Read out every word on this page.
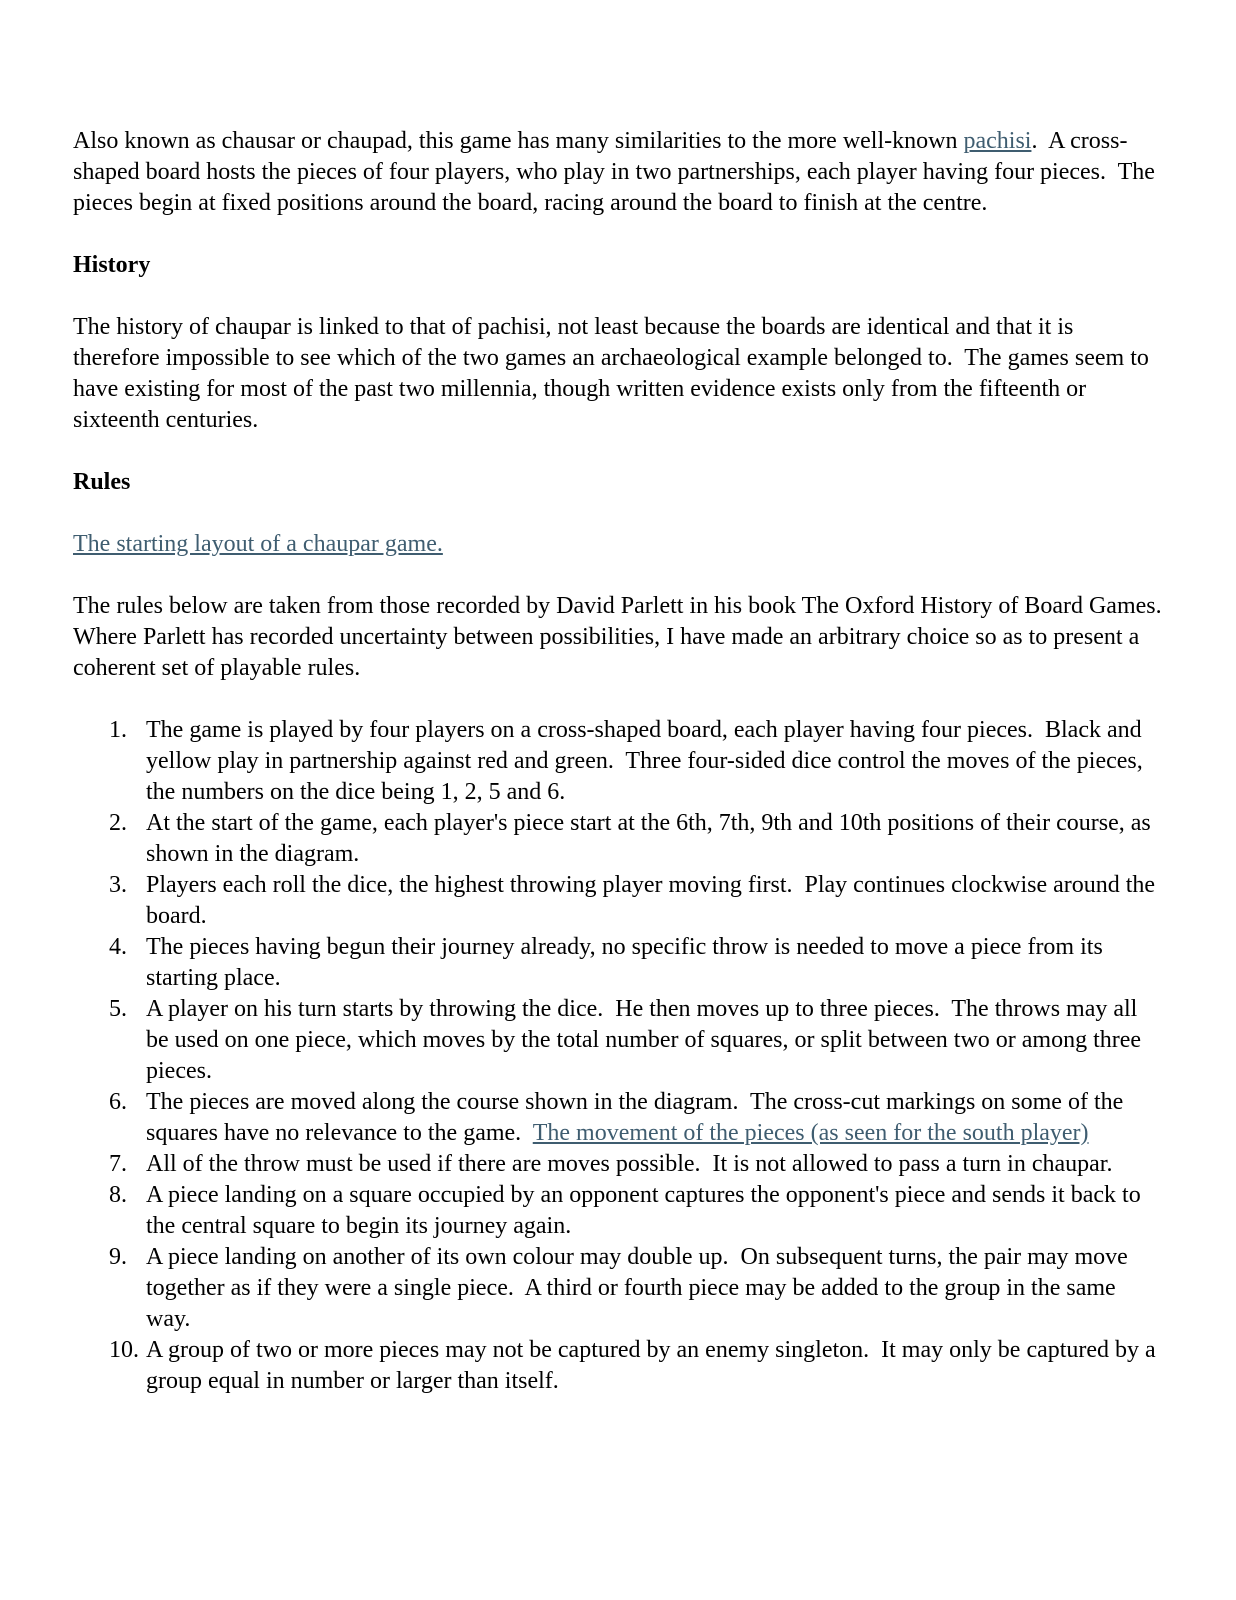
Also known as chausar or chaupad, this game has many similarities to the more well-known pachisi.  A cross-shaped board hosts the pieces of four players, who play in two partnerships, each player having four pieces.  The pieces begin at fixed positions around the board, racing around the board to finish at the centre.

History

The history of chaupar is linked to that of pachisi, not least because the boards are identical and that it is therefore impossible to see which of the two games an archaeological example belonged to.  The games seem to have existing for most of the past two millennia, though written evidence exists only from the fifteenth or sixteenth centuries.

Rules

The starting layout of a chaupar game.

The rules below are taken from those recorded by David Parlett in his book The Oxford History of Board Games.  Where Parlett has recorded uncertainty between possibilities, I have made an arbitrary choice so as to present a coherent set of playable rules.

1. The game is played by four players on a cross-shaped board, each player having four pieces.  Black and yellow play in partnership against red and green.  Three four-sided dice control the moves of the pieces, the numbers on the dice being 1, 2, 5 and 6.
2. At the start of the game, each player's piece start at the 6th, 7th, 9th and 10th positions of their course, as shown in the diagram.
3. Players each roll the dice, the highest throwing player moving first.  Play continues clockwise around the board.
4. The pieces having begun their journey already, no specific throw is needed to move a piece from its starting place.
5. A player on his turn starts by throwing the dice.  He then moves up to three pieces.  The throws may all be used on one piece, which moves by the total number of squares, or split between two or among three pieces.
6. The pieces are moved along the course shown in the diagram.  The cross-cut markings on some of the squares have no relevance to the game.  The movement of the pieces (as seen for the south player)
7. All of the throw must be used if there are moves possible.  It is not allowed to pass a turn in chaupar.
8. A piece landing on a square occupied by an opponent captures the opponent's piece and sends it back to the central square to begin its journey again.
9. A piece landing on another of its own colour may double up.  On subsequent turns, the pair may move together as if they were a single piece.  A third or fourth piece may be added to the group in the same way.
10. A group of two or more pieces may not be captured by an enemy singleton.  It may only be captured by a group equal in number or larger than itself.
